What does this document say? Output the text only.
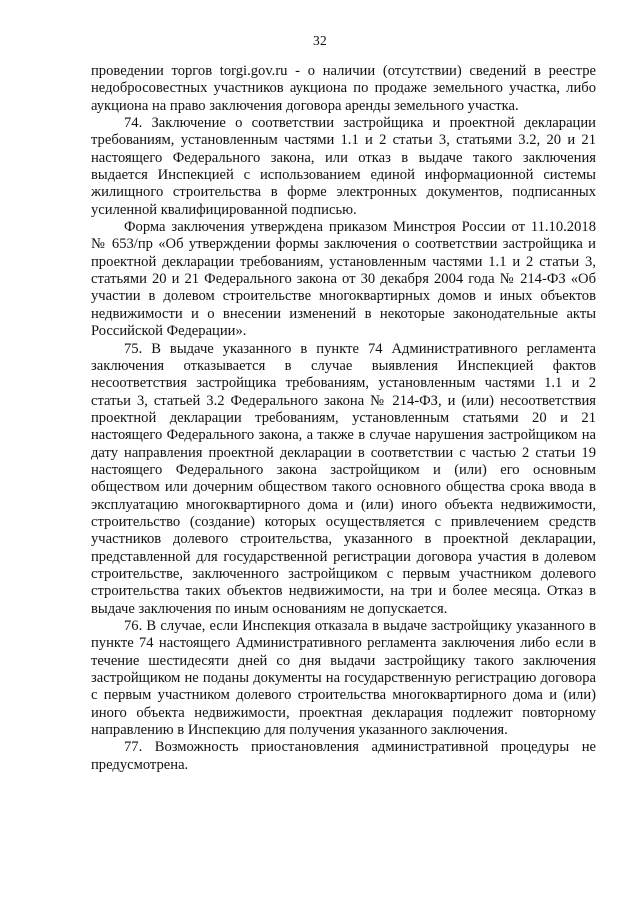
32

проведении торгов torgi.gov.ru - о наличии (отсутствии) сведений в реестре недобросовестных участников аукциона по продаже земельного участка, либо аукциона на право заключения договора аренды земельного участка.

74. Заключение о соответствии застройщика и проектной декларации требованиям, установленным частями 1.1 и 2 статьи 3, статьями 3.2, 20 и 21 настоящего Федерального закона, или отказ в выдаче такого заключения выдается Инспекцией с использованием единой информационной системы жилищного строительства в форме электронных документов, подписанных усиленной квалифицированной подписью.

Форма заключения утверждена приказом Минстроя России от 11.10.2018 № 653/пр «Об утверждении формы заключения о соответствии застройщика и проектной декларации требованиям, установленным частями 1.1 и 2 статьи 3, статьями 20 и 21 Федерального закона от 30 декабря 2004 года № 214-ФЗ «Об участии в долевом строительстве многоквартирных домов и иных объектов недвижимости и о внесении изменений в некоторые законодательные акты Российской Федерации».

75. В выдаче указанного в пункте 74 Административного регламента заключения отказывается в случае выявления Инспекцией фактов несоответствия застройщика требованиям, установленным частями 1.1 и 2 статьи 3, статьей 3.2 Федерального закона № 214-ФЗ, и (или) несоответствия проектной декларации требованиям, установленным статьями 20 и 21 настоящего Федерального закона, а также в случае нарушения застройщиком на дату направления проектной декларации в соответствии с частью 2 статьи 19 настоящего Федерального закона застройщиком и (или) его основным обществом или дочерним обществом такого основного общества срока ввода в эксплуатацию многоквартирного дома и (или) иного объекта недвижимости, строительство (создание) которых осуществляется с привлечением средств участников долевого строительства, указанного в проектной декларации, представленной для государственной регистрации договора участия в долевом строительстве, заключенного застройщиком с первым участником долевого строительства таких объектов недвижимости, на три и более месяца. Отказ в выдаче заключения по иным основаниям не допускается.

76. В случае, если Инспекция отказала в выдаче застройщику указанного в пункте 74 настоящего Административного регламента заключения либо если в течение шестидесяти дней со дня выдачи застройщику такого заключения застройщиком не поданы документы на государственную регистрацию договора с первым участником долевого строительства многоквартирного дома и (или) иного объекта недвижимости, проектная декларация подлежит повторному направлению в Инспекцию для получения указанного заключения.

77. Возможность приостановления административной процедуры не предусмотрена.
